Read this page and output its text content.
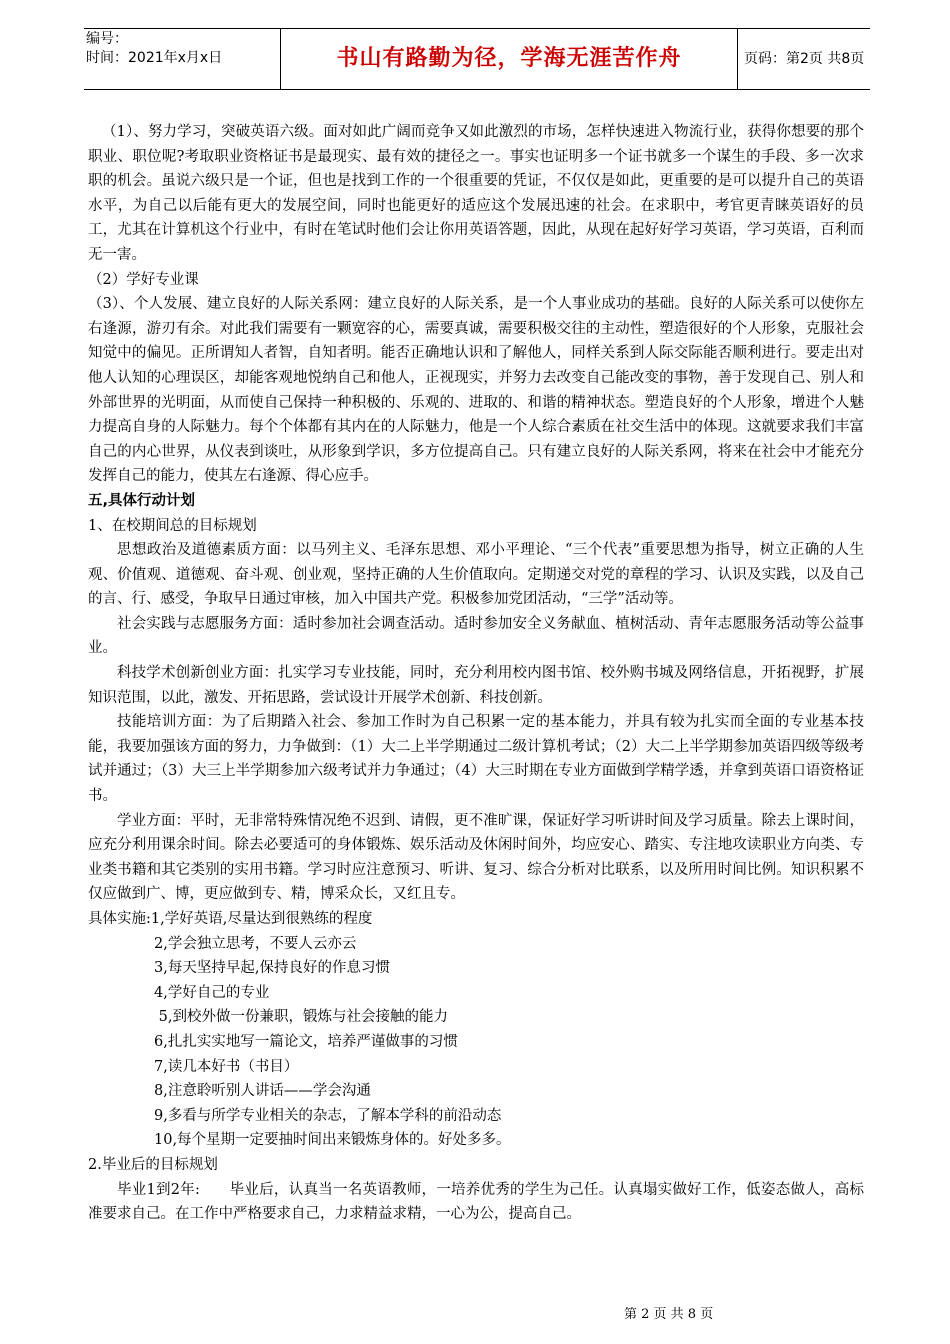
编号：
时间：2021年x月x日	书山有路勤为径，学海无涯苦作舟	页码：第2页 共8页

（1）、努力学习，突破英语六级。面对如此广阔而竞争又如此激烈的市场，怎样快速进入物流行业，获得你想要的那个职业、职位呢?考取职业资格证书是最现实、最有效的捷径之一。事实也证明多一个证书就多一个谋生的手段、多一次求职的机会。虽说六级只是一个证，但也是找到工作的一个很重要的凭证，不仅仅是如此，更重要的是可以提升自己的英语水平，为自己以后能有更大的发展空间，同时也能更好的适应这个发展迅速的社会。在求职中，考官更青睐英语好的员工，尤其在计算机这个行业中，有时在笔试时他们会让你用英语答题，因此，从现在起好好学习英语，学习英语，百利而无一害。

（2）学好专业课

（3）、个人发展、建立良好的人际关系网：建立良好的人际关系，是一个人事业成功的基础。良好的人际关系可以使你左右逢源，游刃有余。对此我们需要有一颗宽容的心，需要真诚，需要积极交往的主动性，塑造很好的个人形象，克服社会知觉中的偏见。正所谓知人者智，自知者明。能否正确地认识和了解他人，同样关系到人际交际能否顺利进行。要走出对他人认知的心理误区，却能客观地悦纳自己和他人，正视现实，并努力去改变自己能改变的事物，善于发现自己、别人和外部世界的光明面，从而使自己保持一种积极的、乐观的、进取的、和谐的精神状态。塑造良好的个人形象，增进个人魅力提高自身的人际魅力。每个个体都有其内在的人际魅力，他是一个人综合素质在社交生活中的体现。这就要求我们丰富自己的内心世界，从仪表到谈吐，从形象到学识，多方位提高自己。只有建立良好的人际关系网，将来在社会中才能充分发挥自己的能力，使其左右逢源、得心应手。

五,具体行动计划

1、在校期间总的目标规划

思想政治及道德素质方面：以马列主义、毛泽东思想、邓小平理论、“三个代表”重要思想为指导，树立正确的人生观、价值观、道德观、奋斗观、创业观，坚持正确的人生价值取向。定期递交对党的章程的学习、认识及实践，以及自己的言、行、感受，争取早日通过审核，加入中国共产党。积极参加党团活动，“三学”活动等。

社会实践与志愿服务方面：适时参加社会调查活动。适时参加安全义务献血、植树活动、青年志愿服务活动等公益事业。

科技学术创新创业方面：扎实学习专业技能，同时，充分利用校内图书馆、校外购书城及网络信息，开拓视野，扩展知识范围，以此，激发、开拓思路，尝试设计开展学术创新、科技创新。

技能培训方面：为了后期踏入社会、参加工作时为自己积累一定的基本能力，并具有较为扎实而全面的专业基本技能，我要加强该方面的努力，力争做到：（1）大二上半学期通过二级计算机考试；（2）大二上半学期参加英语四级等级考试并通过；（3）大三上半学期参加六级考试并力争通过；（4）大三时期在专业方面做到学精学透，并拿到英语口语资格证书。

学业方面：平时，无非常特殊情况绝不迟到、请假，更不准旷课，保证好学习听讲时间及学习质量。除去上课时间，应充分利用课余时间。除去必要适可的身体锻炼、娱乐活动及休闲时间外，均应安心、踏实、专注地攻读职业方向类、专业类书籍和其它类别的实用书籍。学习时应注意预习、听讲、复习、综合分析对比联系，以及所用时间比例。知识积累不仅应做到广、博，更应做到专、精，博采众长，又红且专。

具体实施:1,学好英语,尽量达到很熟练的程度

2,学会独立思考，不要人云亦云

3,每天坚持早起,保持良好的作息习惯

4,学好自己的专业

5,到校外做一份兼职，锻炼与社会接触的能力

6,扎扎实实地写一篇论文，培养严谨做事的习惯

7,读几本好书（书目）

8,注意聆听别人讲话——学会沟通

9,多看与所学专业相关的杂志，了解本学科的前沿动态

10,每个星期一定要抽时间出来锻炼身体的。好处多多。

2.毕业后的目标规划

毕业1到2年:　　毕业后，认真当一名英语教师，一培养优秀的学生为己任。认真塌实做好工作，低姿态做人，高标准要求自己。在工作中严格要求自己，力求精益求精，一心为公，提高自己。

第 2 页 共 8 页
